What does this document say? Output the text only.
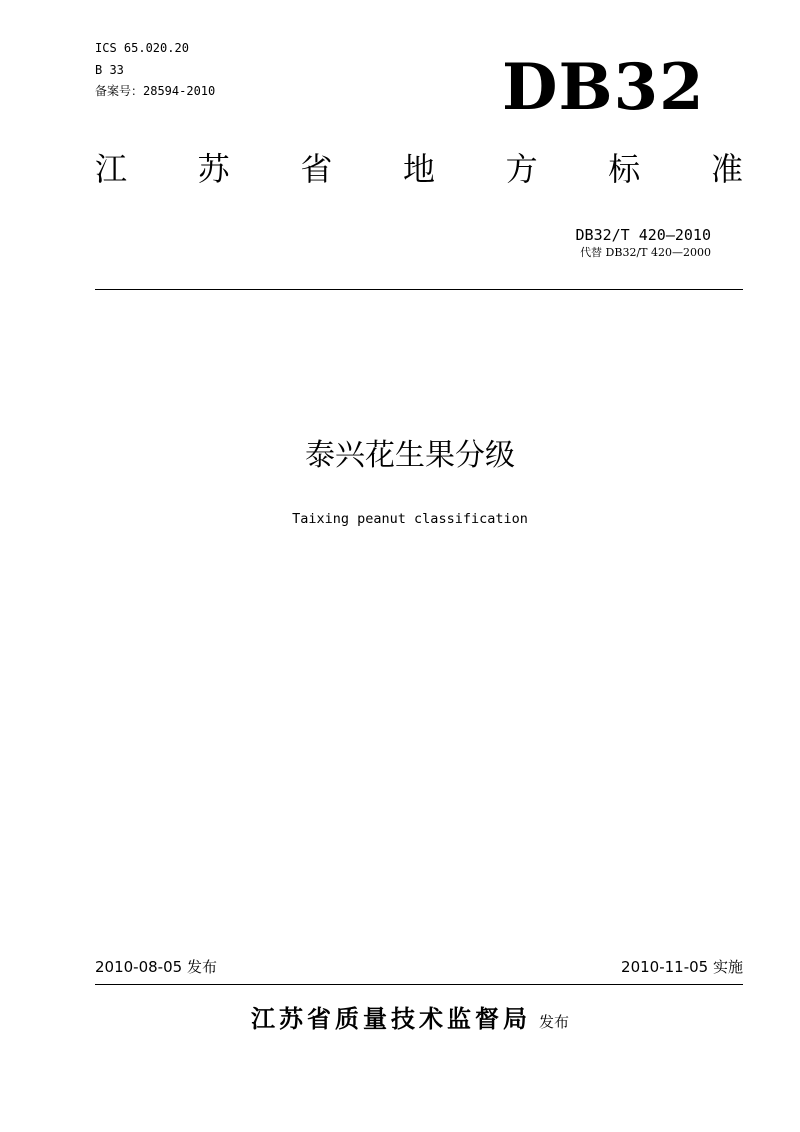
ICS 65.020.20
B 33
备案号：28594-2010	DB32
江 苏 省 地 方 标 准
DB32/T 420—2010
代替 DB32/T 420—2000
泰兴花生果分级
Taixing peanut classification
2010-08-05 发布	2010-11-05 实施
江苏省质量技术监督局 发布
